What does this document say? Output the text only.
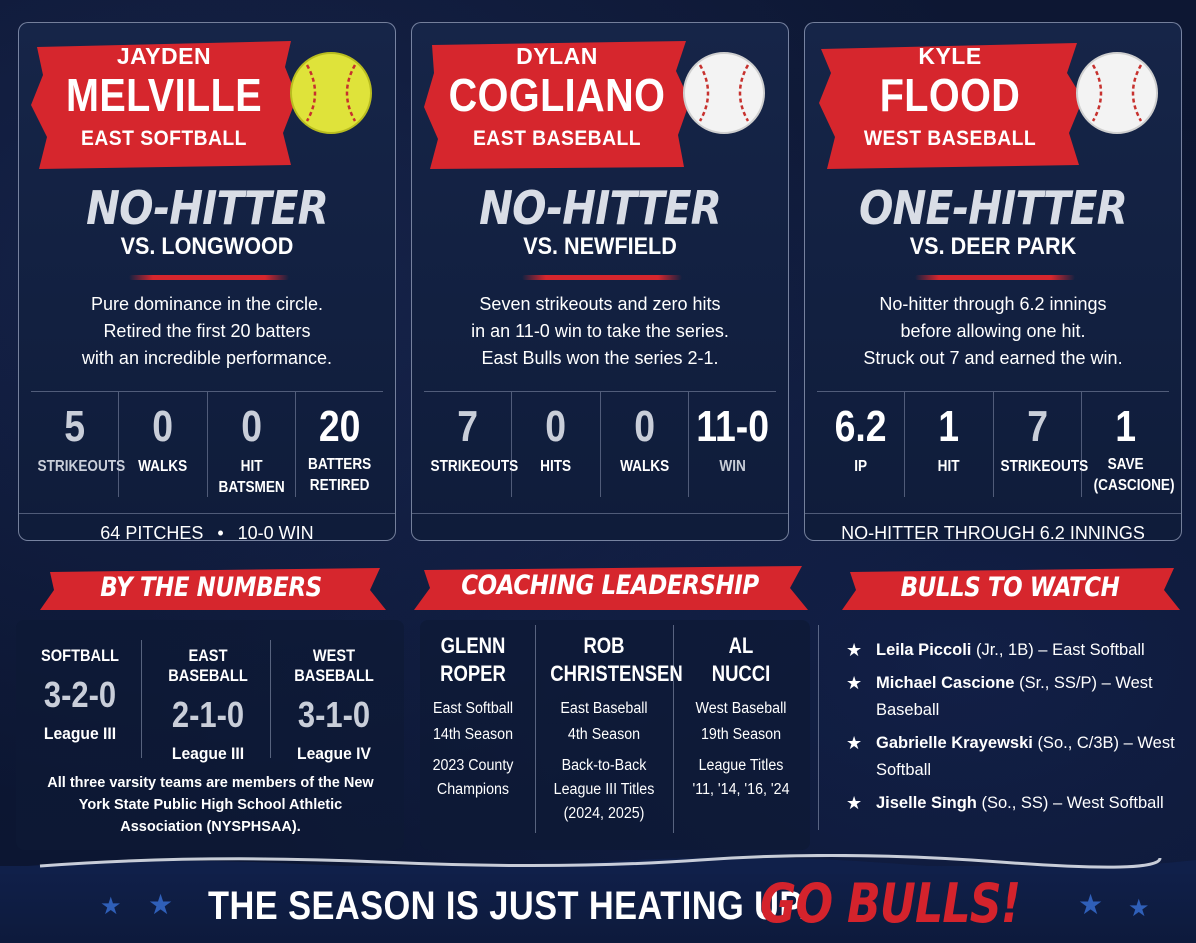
JAYDEN
MELVILLE
EAST SOFTBALL
NO-HITTER
VS. LONGWOOD
Pure dominance in the circle.
Retired the first 20 batters
with an incredible performance.
5
STRIKEOUTS
0
WALKS
0
HIT BATSMEN
20
BATTERS RETIRED
64 PITCHES • 10-0 WIN
DYLAN
COGLIANO
EAST BASEBALL
NO-HITTER
VS. NEWFIELD
Seven strikeouts and zero hits
in an 11-0 win to take the series.
East Bulls won the series 2-1.
7
STRIKEOUTS
0
HITS
0
WALKS
11-0
WIN
KYLE
FLOOD
WEST BASEBALL
ONE-HITTER
VS. DEER PARK
No-hitter through 6.2 innings
before allowing one hit.
Struck out 7 and earned the win.
6.2
IP
1
HIT
7
STRIKEOUTS
1
SAVE (CASCIONE)
NO-HITTER THROUGH 6.2 INNINGS
BY THE NUMBERS
SOFTBALL
3-2-0
League III
EAST BASEBALL
2-1-0
League III
WEST BASEBALL
3-1-0
League IV
All three varsity teams are members of the New York State Public High School Athletic Association (NYSPHSAA).
COACHING LEADERSHIP
GLENN
ROPER
East Softball
14th Season
2023 County Champions
ROB
CHRISTENSEN
East Baseball
4th Season
Back-to-Back League III Titles (2024, 2025)
AL
NUCCI
West Baseball
19th Season
League Titles '11, '14, '16, '24
BULLS TO WATCH
★ Leila Piccoli (Jr., 1B) – East Softball
★ Michael Cascione (Sr., SS/P) – West Baseball
★ Gabrielle Krayewski (So., C/3B) – West Softball
★ Jiselle Singh (So., SS) – West Softball
★ ★ THE SEASON IS JUST HEATING UP.
GO BULLS! ★ ★
